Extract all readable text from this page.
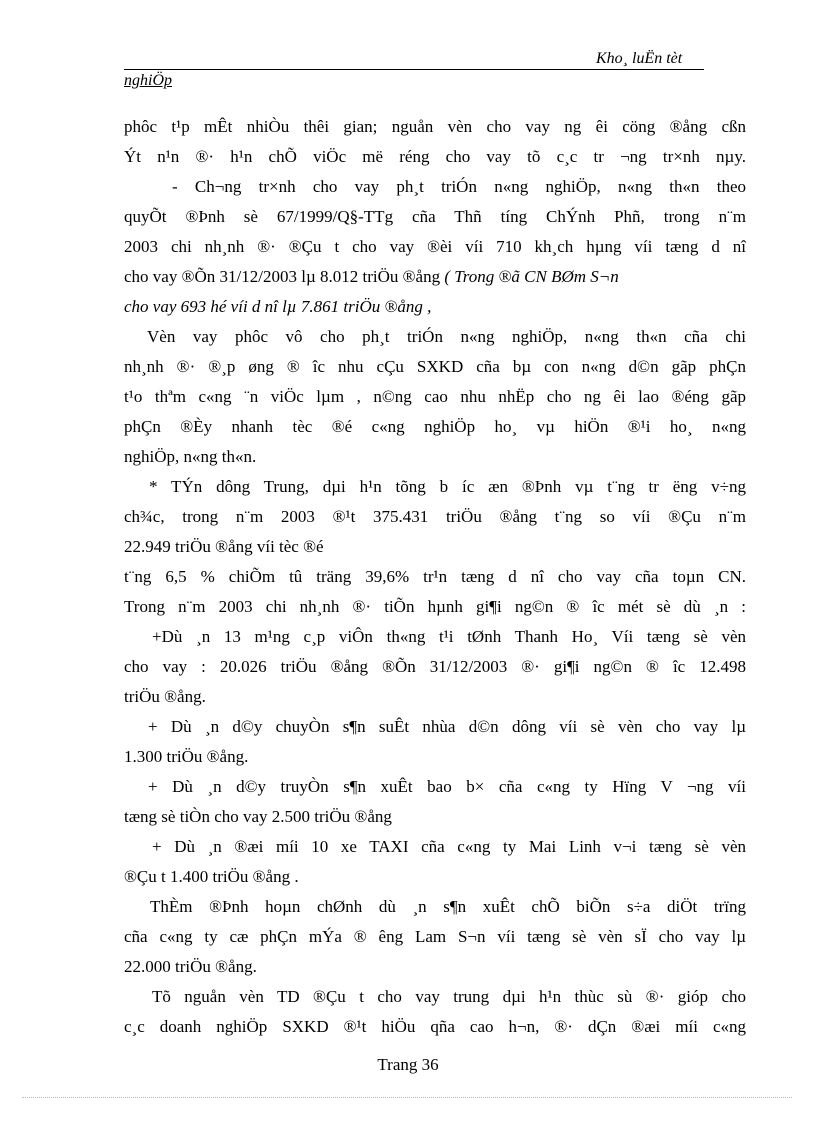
Kho¸ luËn tèt
nghiÖp
phôc t¹p mÊt nhiÒu thêi gian; nguån vèn cho vay ng êi cöng ®ång cßn
Ýt n¹n ®· h¹n chÕ viÖc më réng cho vay tõ c¸c tr ¬ng tr×nh nµy.
- Ch¬ng tr×nh cho vay ph¸t triÓn n«ng nghiÖp, n«ng th«n theo
quyÕt ®Þnh sè 67/1999/Q§-TTg cña Thñ tíng ChÝnh Phñ, trong n¨m
2003 chi nh¸nh ®· ®Çu t cho vay ®èi víi 710 kh¸ch hµng víi tæng d nî
cho vay ®Õn 31/12/2003 lµ 8.012 triÖu ®ång ( Trong ®ã CN BØm S¬n
cho vay 693 hé víi d nî lµ 7.861 triÖu ®ång ,
Vèn vay phôc vô cho ph¸t triÓn n«ng nghiÖp, n«ng th«n cña chi
nh¸nh ®· ®¸p øng ® îc nhu cÇu SXKD cña bµ con n«ng d©n gãp phÇn
t¹o thªm c«ng ¨n viÖc lµm , n©ng cao nhu nhËp cho ng êi lao ®éng gãp
phÇn ®Èy nhanh tèc ®é c«ng nghiÖp ho¸ vµ hiÖn ®¹i ho¸ n«ng
nghiÖp, n«ng th«n.
* TÝn dông Trung, dµi h¹n tõng b íc æn ®Þnh vµ t¨ng tr ëng v÷ng
ch¾c, trong n¨m 2003 ®¹t 375.431 triÖu ®ång t¨ng so víi ®Çu n¨m
22.949 triÖu ®ång víi tèc ®é
t¨ng 6,5 % chiÕm tû träng 39,6% tr¹n tæng d nî cho vay cña toµn CN.
Trong n¨m 2003 chi nh¸nh ®· tiÕn hµnh gi¶i ng©n ® îc mét sè dù ¸n :
+Dù ¸n 13 m¹ng c¸p viÔn th«ng t¹i tØnh Thanh Ho¸ Víi tæng sè vèn
cho vay : 20.026 triÖu ®ång ®Õn 31/12/2003 ®· gi¶i ng©n ® îc 12.498
triÖu ®ång.
+ Dù ¸n d©y chuyÒn s¶n suÊt nhùa d©n dông víi sè vèn cho vay lµ
1.300 triÖu ®ång.
+ Dù ¸n d©y truyÒn s¶n xuÊt bao b× cña c«ng ty Hïng V ¬ng víi
tæng sè tiÒn cho vay 2.500 triÖu ®ång
+ Dù ¸n ®æi míi 10 xe TAXI cña c«ng ty Mai Linh v¬i tæng sè vèn
®Çu t 1.400 triÖu ®ång .
ThÈm ®Þnh hoµn chØnh dù ¸n s¶n xuÊt chÕ biÕn s÷a diÖt trïng
cña c«ng ty cæ phÇn mÝa ® êng Lam S¬n víi tæng sè vèn sÏ cho vay lµ
22.000 triÖu ®ång.
Tõ nguån vèn TD ®Çu t cho vay trung dµi h¹n thùc sù ®· gióp cho
c¸c doanh nghiÖp SXKD ®¹t hiÖu qña cao h¬n, ®· dÇn ®æi míi c«ng
Trang 36
